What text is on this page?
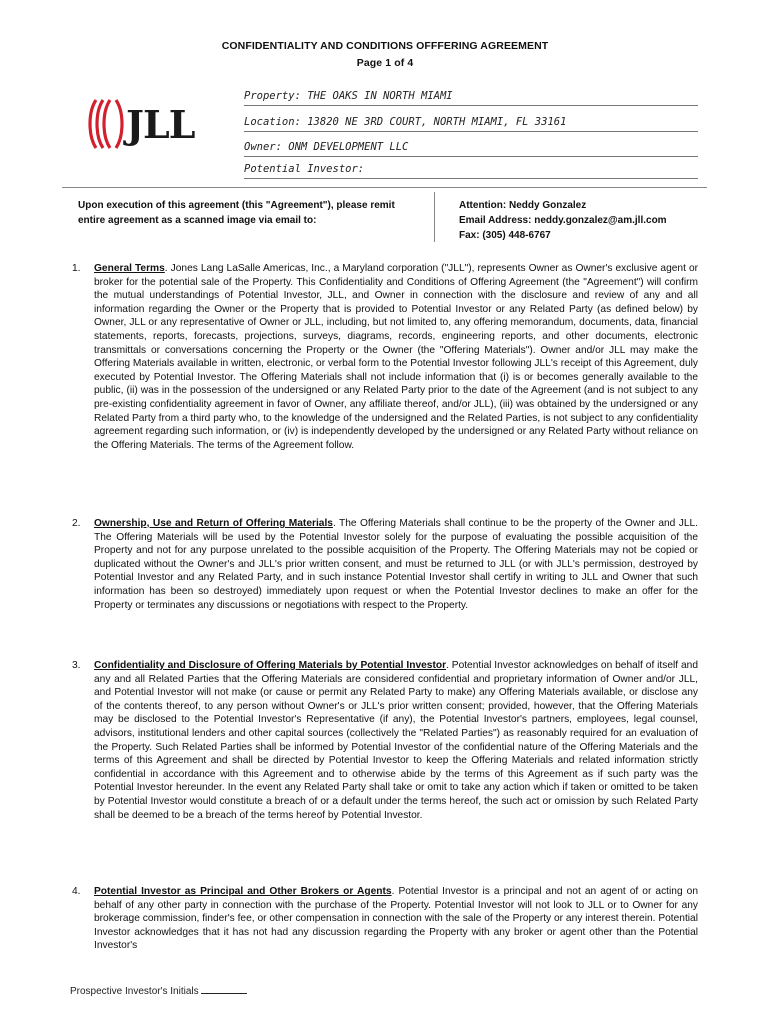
CONFIDENTIALITY AND CONDITIONS OFFFERING AGREEMENT
Page 1 of 4
JLL
Property: THE OAKS IN NORTH MIAMI
Location: 13820 NE 3RD COURT, NORTH MIAMI, FL 33161
Owner: ONM DEVELOPMENT LLC
Potential Investor:
Upon execution of this agreement (this "Agreement"), please remit entire agreement as a scanned image via email to:
Attention: Neddy Gonzalez
Email Address: neddy.gonzalez@am.jll.com
Fax: (305) 448-6767
1. General Terms. Jones Lang LaSalle Americas, Inc., a Maryland corporation ("JLL"), represents Owner as Owner's exclusive agent or broker for the potential sale of the Property. This Confidentiality and Conditions of Offering Agreement (the "Agreement") will confirm the mutual understandings of Potential Investor, JLL, and Owner in connection with the disclosure and review of any and all information regarding the Owner or the Property that is provided to Potential Investor or any Related Party (as defined below) by Owner, JLL or any representative of Owner or JLL, including, but not limited to, any offering memorandum, documents, data, financial statements, reports, forecasts, projections, surveys, diagrams, records, engineering reports, and other documents, electronic transmittals or conversations concerning the Property or the Owner (the "Offering Materials"). Owner and/or JLL may make the Offering Materials available in written, electronic, or verbal form to the Potential Investor following JLL's receipt of this Agreement, duly executed by Potential Investor. The Offering Materials shall not include information that (i) is or becomes generally available to the public, (ii) was in the possession of the undersigned or any Related Party prior to the date of the Agreement (and is not subject to any pre-existing confidentiality agreement in favor of Owner, any affiliate thereof, and/or JLL), (iii) was obtained by the undersigned or any Related Party from a third party who, to the knowledge of the undersigned and the Related Parties, is not subject to any confidentiality agreement regarding such information, or (iv) is independently developed by the undersigned or any Related Party without reliance on the Offering Materials. The terms of the Agreement follow.
2. Ownership, Use and Return of Offering Materials. The Offering Materials shall continue to be the property of the Owner and JLL. The Offering Materials will be used by the Potential Investor solely for the purpose of evaluating the possible acquisition of the Property and not for any purpose unrelated to the possible acquisition of the Property. The Offering Materials may not be copied or duplicated without the Owner's and JLL's prior written consent, and must be returned to JLL (or with JLL's permission, destroyed by Potential Investor and any Related Party, and in such instance Potential Investor shall certify in writing to JLL and Owner that such information has been so destroyed) immediately upon request or when the Potential Investor declines to make an offer for the Property or terminates any discussions or negotiations with respect to the Property.
3. Confidentiality and Disclosure of Offering Materials by Potential Investor. Potential Investor acknowledges on behalf of itself and any and all Related Parties that the Offering Materials are considered confidential and proprietary information of Owner and/or JLL, and Potential Investor will not make (or cause or permit any Related Party to make) any Offering Materials available, or disclose any of the contents thereof, to any person without Owner's or JLL's prior written consent; provided, however, that the Offering Materials may be disclosed to the Potential Investor's Representative (if any), the Potential Investor's partners, employees, legal counsel, advisors, institutional lenders and other capital sources (collectively the "Related Parties") as reasonably required for an evaluation of the Property. Such Related Parties shall be informed by Potential Investor of the confidential nature of the Offering Materials and the terms of this Agreement and shall be directed by Potential Investor to keep the Offering Materials and related information strictly confidential in accordance with this Agreement and to otherwise abide by the terms of this Agreement as if such party was the Potential Investor hereunder. In the event any Related Party shall take or omit to take any action which if taken or omitted to be taken by Potential Investor would constitute a breach of or a default under the terms hereof, the such act or omission by such Related Party shall be deemed to be a breach of the terms hereof by Potential Investor.
4. Potential Investor as Principal and Other Brokers or Agents. Potential Investor is a principal and not an agent of or acting on behalf of any other party in connection with the purchase of the Property. Potential Investor will not look to JLL or to Owner for any brokerage commission, finder's fee, or other compensation in connection with the sale of the Property or any interest therein. Potential Investor acknowledges that it has not had any discussion regarding the Property with any broker or agent other than the Potential Investor's
Prospective Investor's Initials
